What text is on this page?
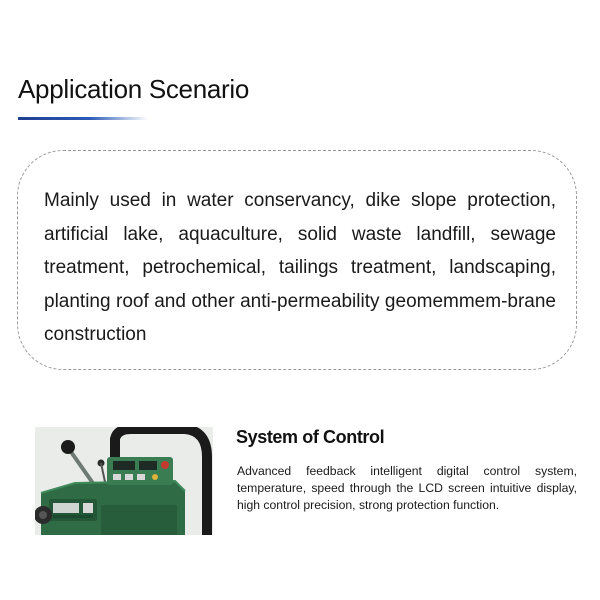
Application Scenario

Mainly used in water conservancy, dike slope protection, artificial lake, aquaculture, solid waste landfill, sewage treatment, petrochemical, tailings treatment, landscaping, planting roof and other anti-permeability geomemmem-brane construction

System of Control

Advanced feedback intelligent digital control system, temperature, speed through the LCD screen intuitive display, high control precision, strong protection function.
